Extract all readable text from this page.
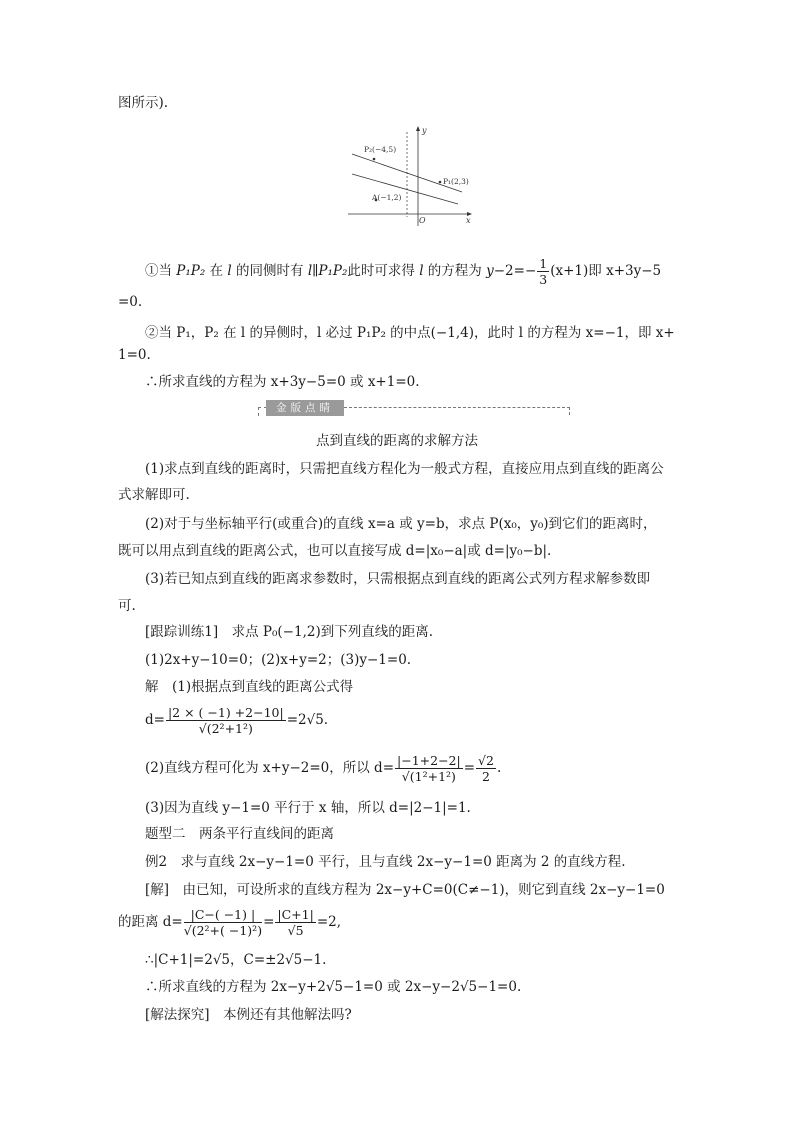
图所示).
y
x
O
P₂(−4,5)
P₁(2,3)
A(−1,2)
①当 P₁P₂ 在 l 的同侧时有 l∥P₁P₂此时可求得 l 的方程为 $y-2=- \frac{1}{3} (x+1)$即 x+3y−5
=0.
②当 P₁，P₂ 在 l 的异侧时，l 必过 P₁P₂ 的中点(−1,4)，此时 l 的方程为 x=−1，即 x+
1=0.
∴所求直线的方程为 x+3y−5=0 或 x+1=0.
金版点睛
点到直线的距离的求解方法
(1)求点到直线的距离时，只需把直线方程化为一般式方程，直接应用点到直线的距离公
式求解即可.
(2)对于与坐标轴平行(或重合)的直线 x=a 或 y=b，求点 P(x₀，y₀)到它们的距离时，
既可以用点到直线的距离公式，也可以直接写成 d=|x₀−a|或 d=|y₀−b|.
(3)若已知点到直线的距离求参数时，只需根据点到直线的距离公式列方程求解参数即
可.
[跟踪训练1]　求点 P₀(−1,2)到下列直线的距离.
(1)2x+y−10=0；(2)x+y=2；(3)y−1=0.
解　(1)根据点到直线的距离公式得
$d= \frac{|2 \times ( -1) +2-10|}{\text{√(2²+1²)}} =2√5$.
(2)直线方程可化为 x+y−2=0，所以 $d= \frac{|-1+2-2|}{\text{√(1²+1²)}} = \frac{√2}{2}$ .
(3)因为直线 y−1=0 平行于 x 轴，所以 d=|2−1|=1.
题型二　两条平行直线间的距离
例2　求与直线 2x−y−1=0 平行，且与直线 2x−y−1=0 距离为 2 的直线方程.
[解]　由已知，可设所求的直线方程为 2x−y+C=0(C≠−1)，则它到直线 2x−y−1=0
的距离 $d= \frac{|C-( -1) |}{\text{√(2²+( −1)²)}} = \frac{|C+1|}{√5} =2$,
∴|C+1|=2√5，C=±2√5−1.
∴所求直线的方程为 2x−y+2√5−1=0 或 2x−y−2√5−1=0.
[解法探究]　本例还有其他解法吗?
